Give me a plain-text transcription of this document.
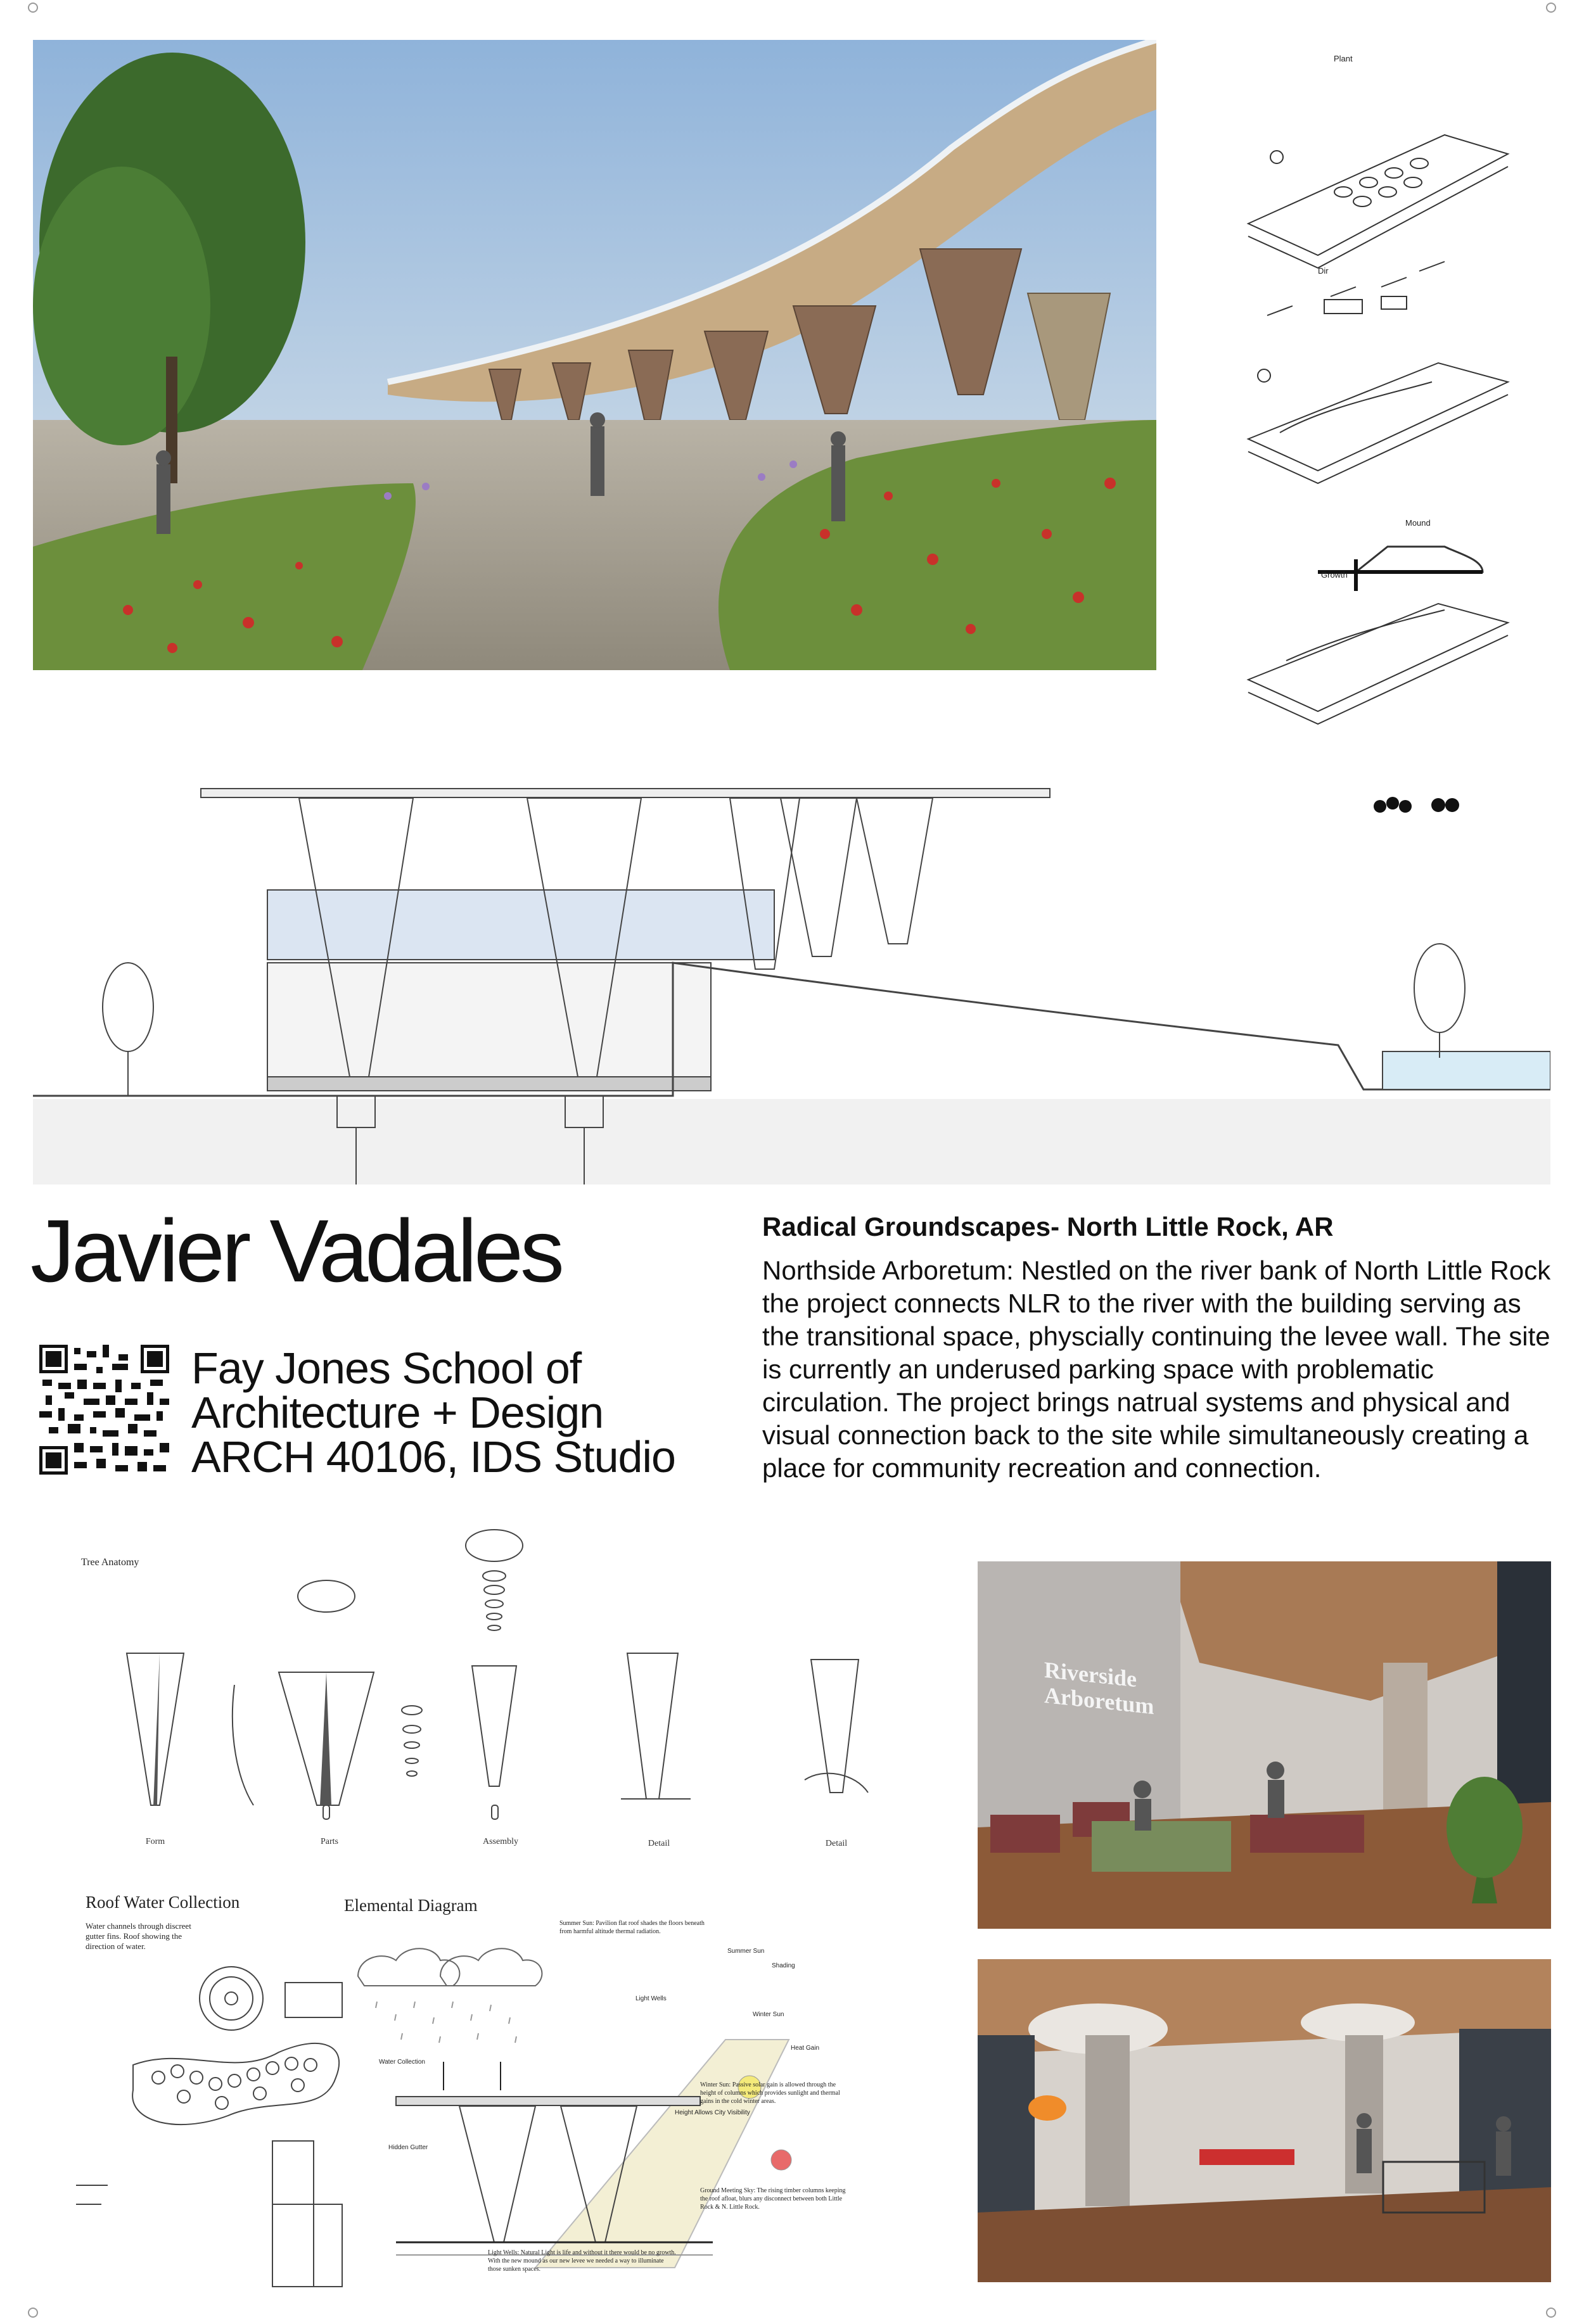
Plant
Dir
Mound
Growth
Javier Vadales
Fay Jones School of
Architecture + Design
ARCH 40106, IDS Studio
Radical Groundscapes- North Little Rock, AR
Northside Arboretum: Nestled on the river bank of North Little Rock the project connects NLR to the river with the building serving as the transitional space, physcially continuing the levee wall. The site is currently an underused parking space with problematic circulation. The project brings natrual systems and physical and visual connection back to the site while simultaneously creating a place for community recreation and connection.
Tree Anatomy
Form	Parts	Assembly	Detail	Detail
Roof Water Collection
Water channels through discreet gutter fins. Roof showing the direction of water.
Elemental Diagram
Summer Sun: Pavilion flat roof shades the floors beneath from harmful altitude thermal radiation.
Summer Sun
Shading
Winter Sun
Heat Gain
Light Wells
Water Collection
Hidden Gutter
Height Allows City Visibility
Winter Sun: Passive solar gain is allowed through the height of columns which provides sunlight and thermal gains in the cold winter areas.
Ground Meeting Sky: The rising timber columns keeping the roof afloat, blurs any disconnect between both Little Rock & N. Little Rock.
Light Wells: Natural Light is life and without it there would be no growth. With the new mound as our new levee we needed a way to illuminate those sunken spaces.
Riverside
Arboretum
